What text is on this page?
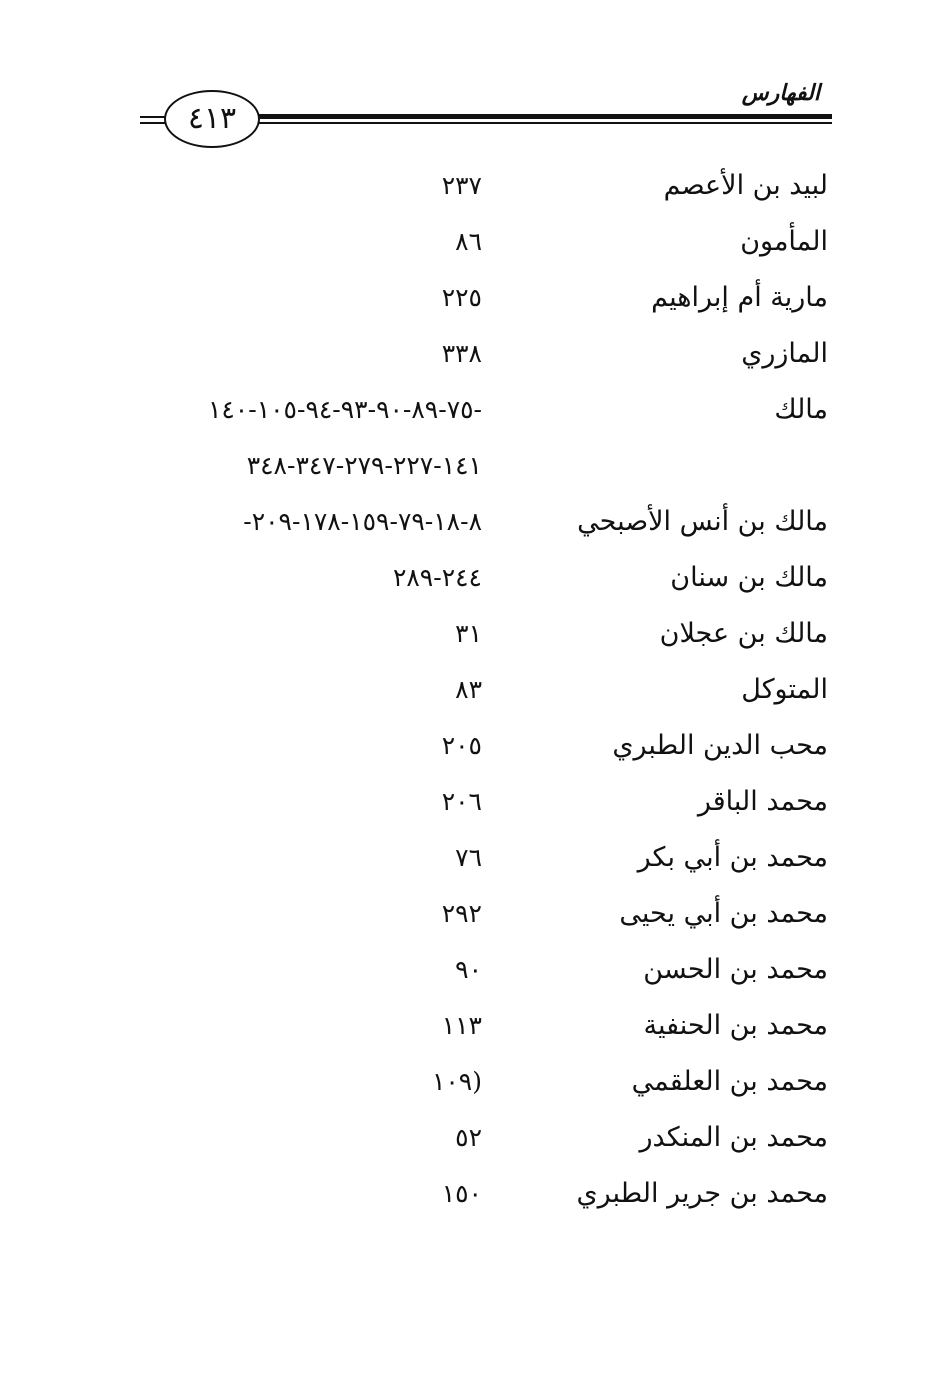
الفهارس
٤١٣
لبيد بن الأعصم
٢٣٧
المأمون
٨٦
مارية أم إبراهيم
٢٢٥
المازري
٣٣٨
مالك
-٧٥-٨٩-٩٠-٩٣-٩٤-١٠٥-١٤٠
١٤١-٢٢٧-٢٧٩-٣٤٧-٣٤٨
مالك بن أنس الأصبحي
٨-١٨-٧٩-١٥٩-١٧٨-٢٠٩-
مالك بن سنان
٢٤٤-٢٨٩
مالك بن عجلان
٣١
المتوكل
٨٣
محب الدين الطبري
٢٠٥
محمد الباقر
٢٠٦
محمد بن أبي بكر
٧٦
محمد بن أبي يحيى
٢٩٢
محمد بن الحسن
٩٠
محمد بن الحنفية
١١٣
محمد بن العلقمي
(١٠٩
محمد بن المنكدر
٥٢
محمد بن جرير الطبري
١٥٠
